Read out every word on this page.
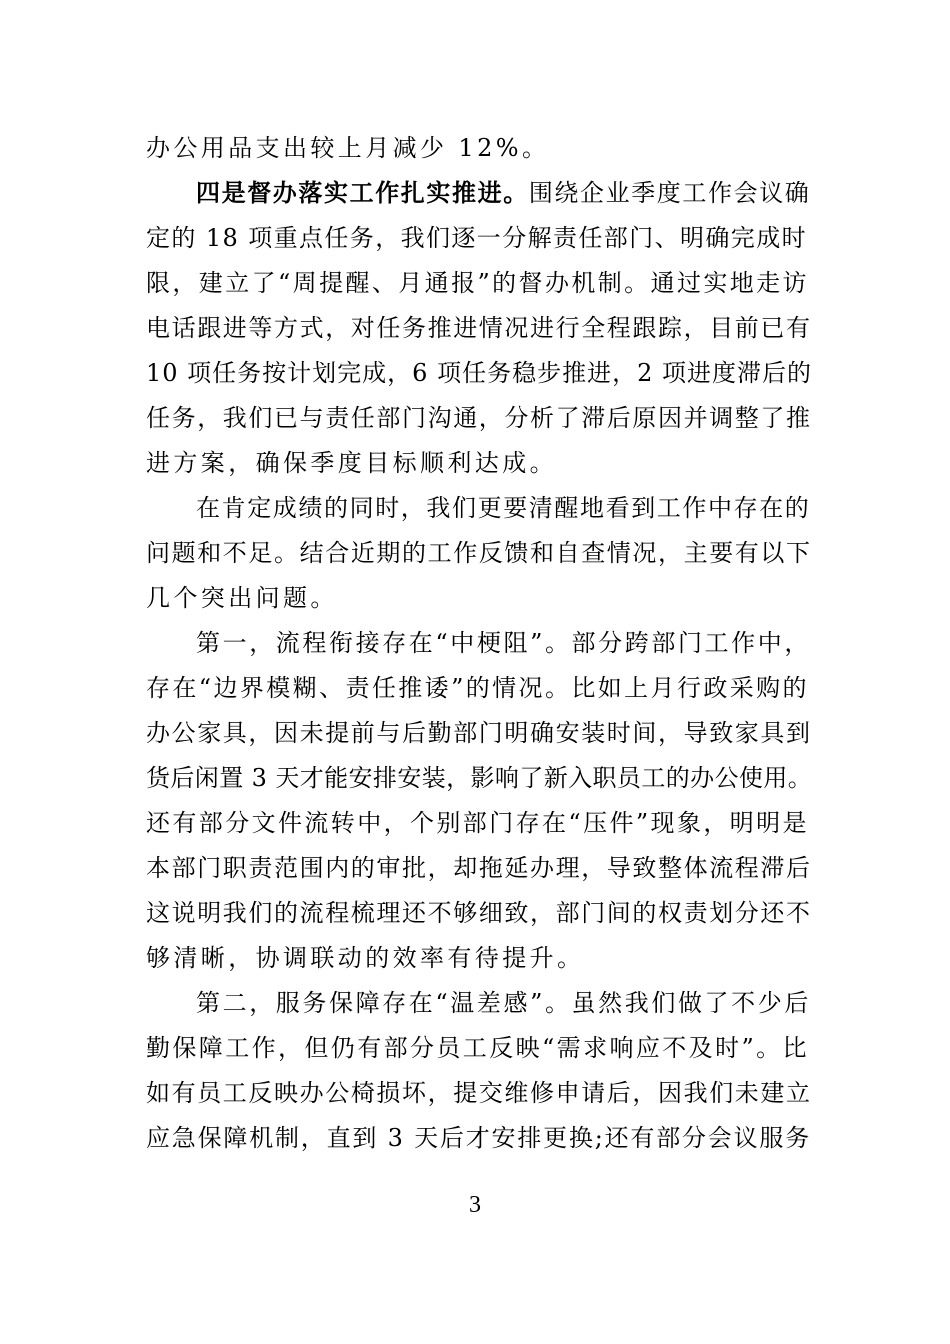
办公用品支出较上月减少 12%。
四是督办落实工作扎实推进。围绕企业季度工作会议确
定的 18 项重点任务，我们逐一分解责任部门、明确完成时
限，建立了“周提醒、月通报”的督办机制。通过实地走访
电话跟进等方式，对任务推进情况进行全程跟踪，目前已有
10 项任务按计划完成，6 项任务稳步推进，2 项进度滞后的
任务，我们已与责任部门沟通，分析了滞后原因并调整了推
进方案，确保季度目标顺利达成。
在肯定成绩的同时，我们更要清醒地看到工作中存在的
问题和不足。结合近期的工作反馈和自查情况，主要有以下
几个突出问题。
第一，流程衔接存在“中梗阻”。部分跨部门工作中，
存在“边界模糊、责任推诿”的情况。比如上月行政采购的
办公家具，因未提前与后勤部门明确安装时间，导致家具到
货后闲置 3 天才能安排安装，影响了新入职员工的办公使用。
还有部分文件流转中，个别部门存在“压件”现象，明明是
本部门职责范围内的审批，却拖延办理，导致整体流程滞后
这说明我们的流程梳理还不够细致，部门间的权责划分还不
够清晰，协调联动的效率有待提升。
第二，服务保障存在“温差感”。虽然我们做了不少后
勤保障工作，但仍有部分员工反映“需求响应不及时”。比
如有员工反映办公椅损坏，提交维修申请后，因我们未建立
应急保障机制，直到 3 天后才安排更换;还有部分会议服务
3
